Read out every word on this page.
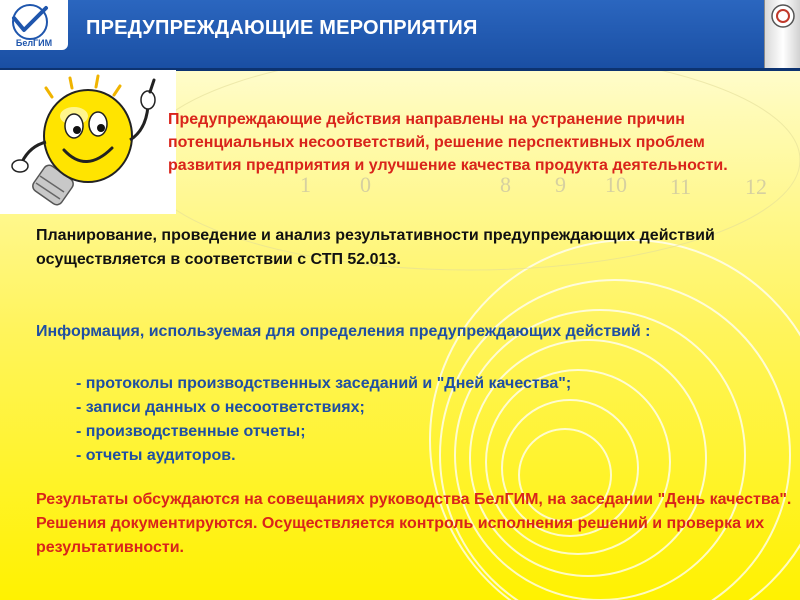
1 0	8 9 10
БелГИМ
ПРЕДУПРЕЖДАЮЩИЕ МЕРОПРИЯТИЯ
Предупреждающие действия направлены на устранение причин потенциальных несоответствий, решение перспективных проблем развития предприятия и улучшение качества продукта деятельности.
11 12
Планирование, проведение и анализ результативности предупреждающих действий осуществляется в соответствии с СТП 52.013.
Информация, используемая для определения предупреждающих действий :
- протоколы производственных заседаний и "Дней качества";
- записи данных о несоответствиях;
- производственные отчеты;
- отчеты аудиторов.
Результаты обсуждаются на совещаниях руководства БелГИМ, на заседании "День качества". Решения документируются. Осуществляется контроль исполнения решений и проверка их результативности.
